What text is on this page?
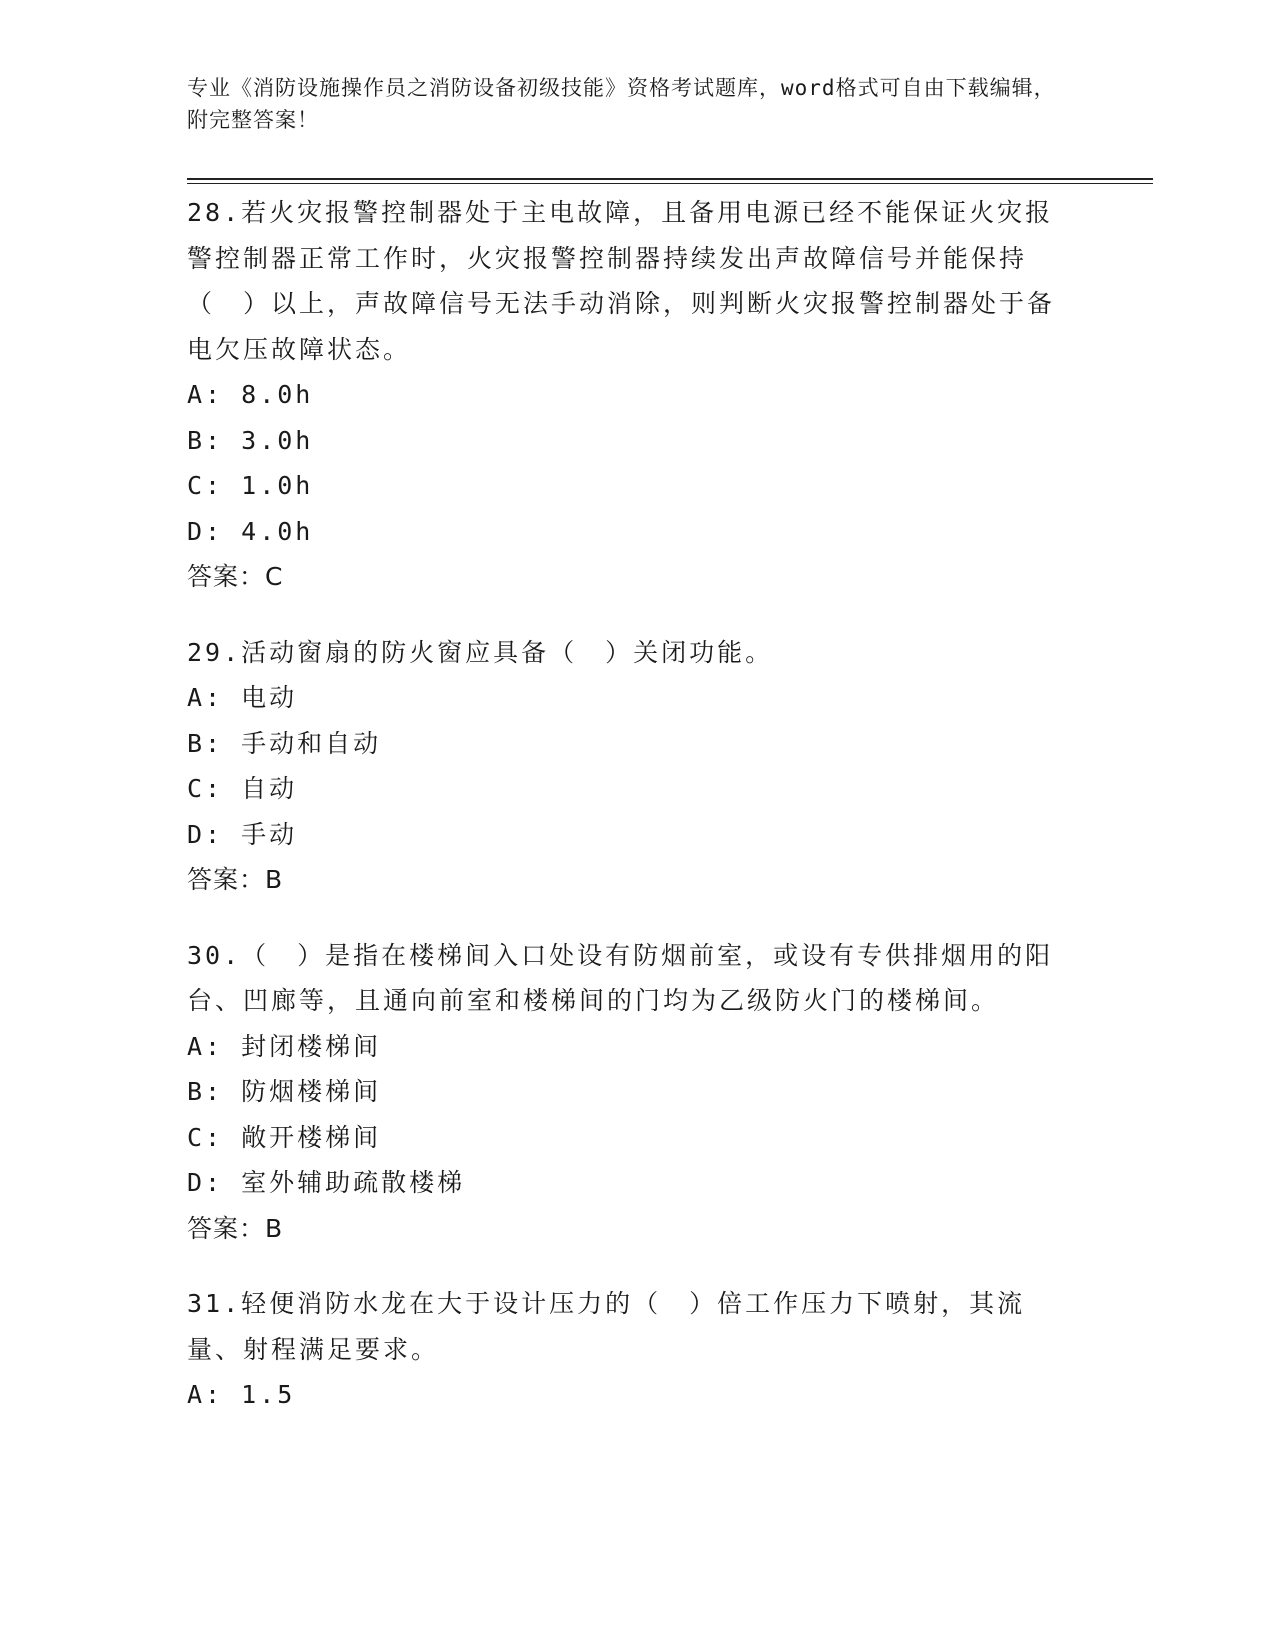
专业《消防设施操作员之消防设备初级技能》资格考试题库，word格式可自由下载编辑，附完整答案！
28.若火灾报警控制器处于主电故障，且备用电源已经不能保证火灾报警控制器正常工作时，火灾报警控制器持续发出声故障信号并能保持（　）以上，声故障信号无法手动消除，则判断火灾报警控制器处于备电欠压故障状态。
A: 8.0h
B: 3.0h
C: 1.0h
D: 4.0h
答案：C
29.活动窗扇的防火窗应具备（　）关闭功能。
A: 电动
B: 手动和自动
C: 自动
D: 手动
答案：B
30.（　）是指在楼梯间入口处设有防烟前室，或设有专供排烟用的阳台、凹廊等，且通向前室和楼梯间的门均为乙级防火门的楼梯间。
A: 封闭楼梯间
B: 防烟楼梯间
C: 敞开楼梯间
D: 室外辅助疏散楼梯
答案：B
31.轻便消防水龙在大于设计压力的（　）倍工作压力下喷射，其流量、射程满足要求。
A: 1.5
